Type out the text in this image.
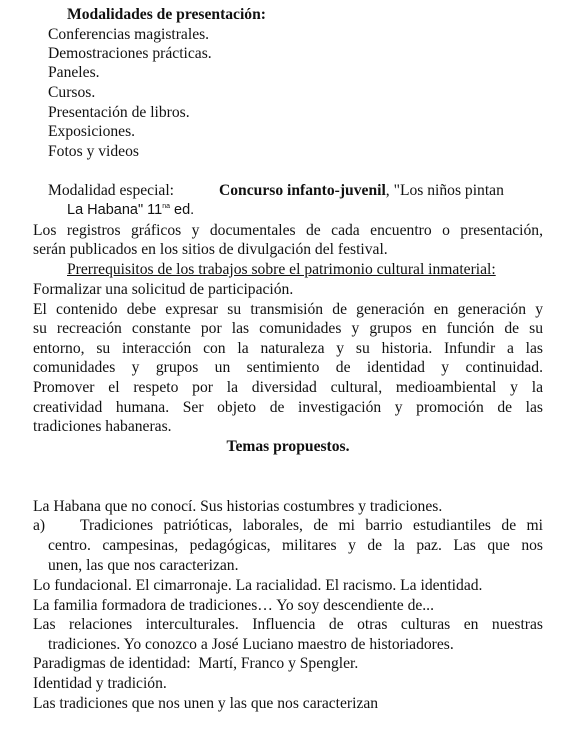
Modalidades de presentación:
Conferencias magistrales.
Demostraciones prácticas.
Paneles.
Cursos.
Presentación de libros.
Exposiciones.
Fotos y videos
Modalidad especial:	Concurso infanto-juvenil, "Los niños pintan
La Habana" $11^{na}$ ed.
Los registros gráficos y documentales de cada encuentro o presentación,
serán publicados en los sitios de divulgación del festival.
Prerrequisitos de los trabajos sobre el patrimonio cultural inmaterial:
Formalizar una solicitud de participación.
El contenido debe expresar su transmisión de generación en generación y
su recreación constante por las comunidades y grupos en función de su
entorno, su interacción con la naturaleza y su historia. Infundir a las
comunidades y grupos un sentimiento de identidad y continuidad.
Promover el respeto por la diversidad cultural, medioambiental y la
creatividad humana. Ser objeto de investigación y promoción de las
tradiciones habaneras.
Temas propuestos.
La Habana que no conocí. Sus historias costumbres y tradiciones.
a) Tradiciones patrióticas, laborales, de mi barrio estudiantiles de mi
centro. campesinas, pedagógicas, militares y de la paz. Las que nos
unen, las que nos caracterizan.
Lo fundacional. El cimarronaje. La racialidad. El racismo. La identidad.
La familia formadora de tradiciones… Yo soy descendiente de...
Las relaciones interculturales. Influencia de otras culturas en nuestras
tradiciones. Yo conozco a José Luciano maestro de historiadores.
Paradigmas de identidad:  Martí, Franco y Spengler.
Identidad y tradición.
Las tradiciones que nos unen y las que nos caracterizan
